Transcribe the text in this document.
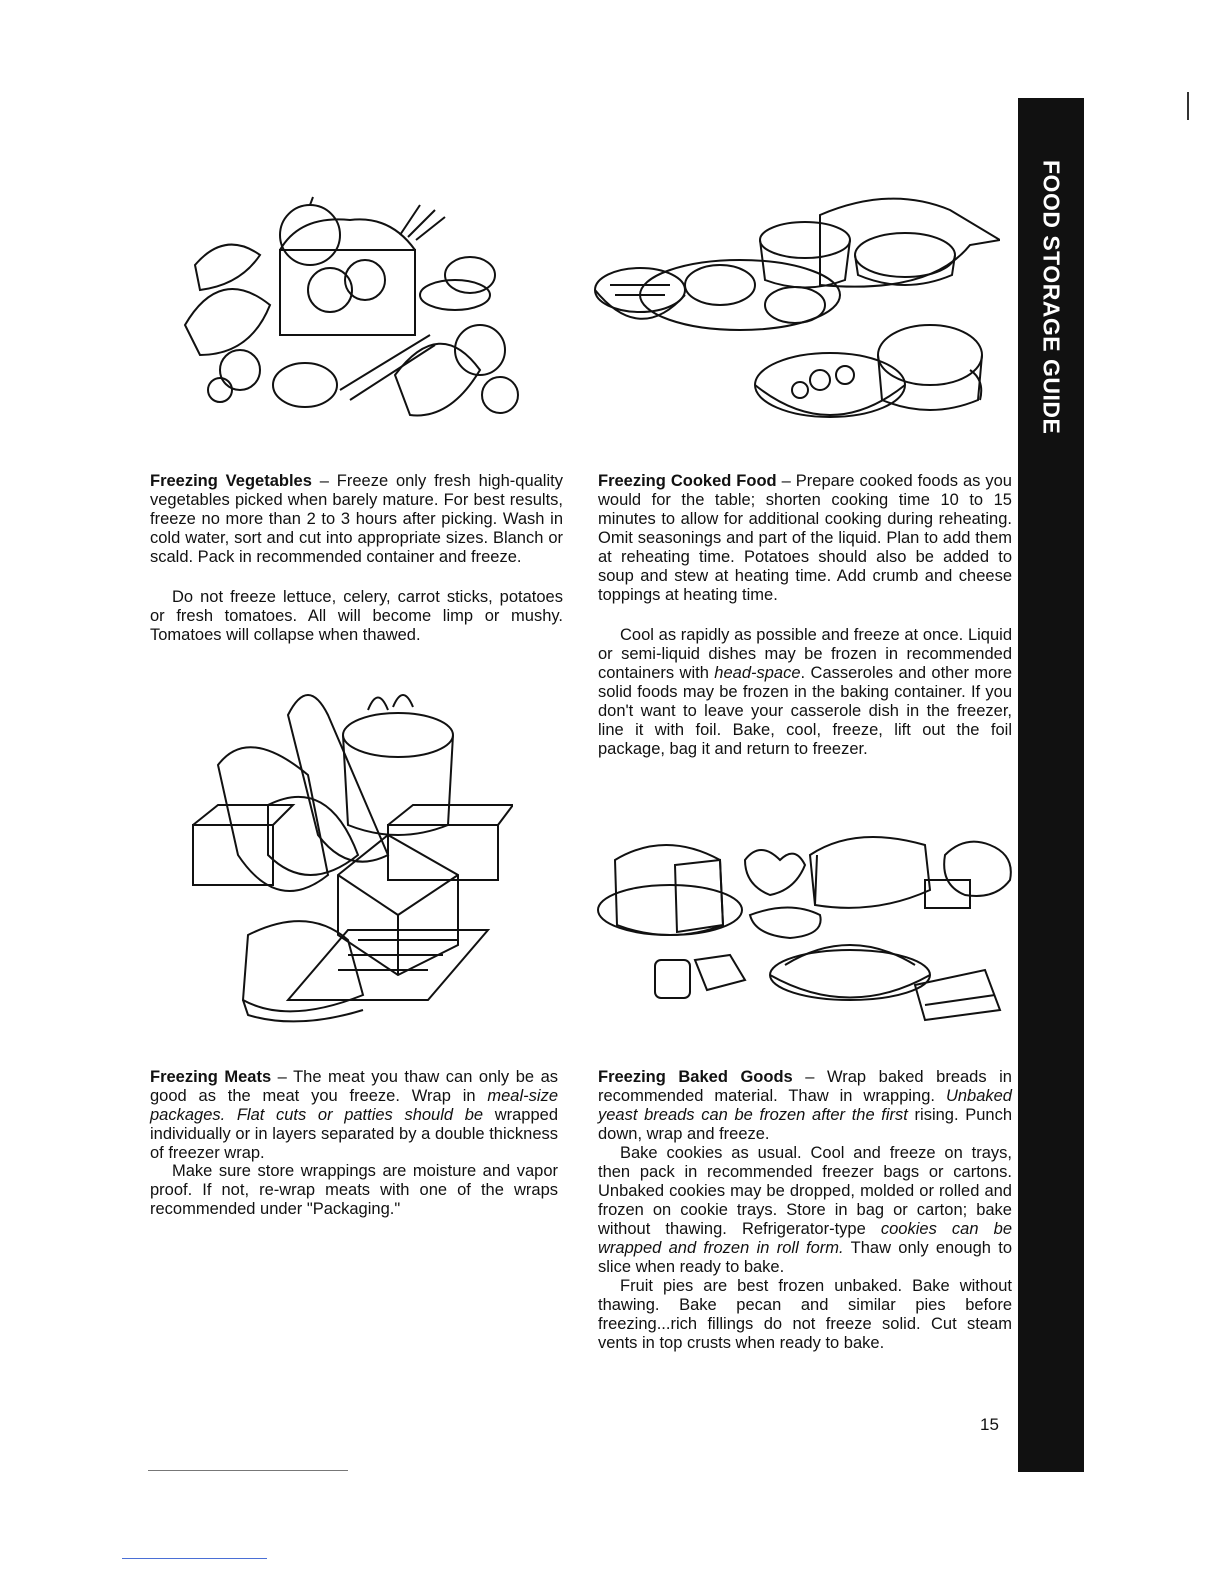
FOOD STORAGE GUIDE

Freezing Vegetables – Freeze only fresh high-quality vegetables picked when barely mature. For best results, freeze no more than 2 to 3 hours after picking. Wash in cold water, sort and cut into appropriate sizes. Blanch or scald. Pack in recommended container and freeze.

Do not freeze lettuce, celery, carrot sticks, potatoes or fresh tomatoes. All will become limp or mushy. Tomatoes will collapse when thawed.

Freezing Cooked Food – Prepare cooked foods as you would for the table; shorten cooking time 10 to 15 minutes to allow for additional cooking during reheating. Omit seasonings and part of the liquid. Plan to add them at reheating time. Potatoes should also be added to soup and stew at heating time. Add crumb and cheese toppings at heating time.

Cool as rapidly as possible and freeze at once. Liquid or semi-liquid dishes may be frozen in recommended containers with head-space. Casseroles and other more solid foods may be frozen in the baking container. If you don't want to leave your casserole dish in the freezer, line it with foil. Bake, cool, freeze, lift out the foil package, bag it and return to freezer.

Freezing Meats – The meat you thaw can only be as good as the meat you freeze. Wrap in meal-size packages. Flat cuts or patties should be wrapped individually or in layers separated by a double thickness of freezer wrap.

Make sure store wrappings are moisture and vapor proof. If not, re-wrap meats with one of the wraps recommended under "Packaging."

Freezing Baked Goods – Wrap baked breads in recommended material. Thaw in wrapping. Unbaked yeast breads can be frozen after the first rising. Punch down, wrap and freeze.

Bake cookies as usual. Cool and freeze on trays, then pack in recommended freezer bags or cartons. Unbaked cookies may be dropped, molded or rolled and frozen on cookie trays. Store in bag or carton; bake without thawing. Refrigerator-type cookies can be wrapped and frozen in roll form. Thaw only enough to slice when ready to bake.

Fruit pies are best frozen unbaked. Bake without thawing. Bake pecan and similar pies before freezing...rich fillings do not freeze solid. Cut steam vents in top crusts when ready to bake.

15
